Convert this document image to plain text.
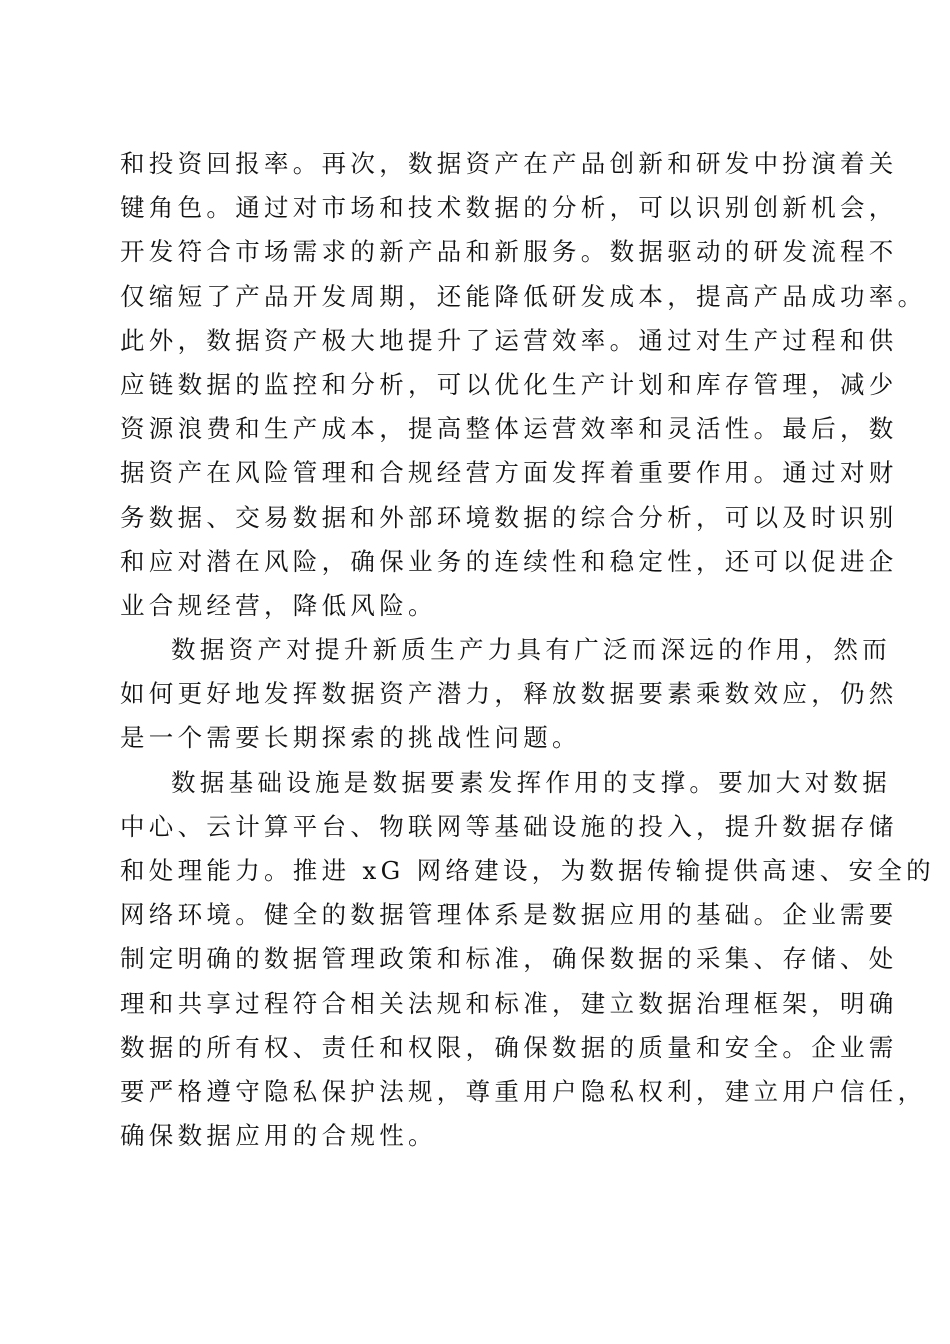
和投资回报率。再次，数据资产在产品创新和研发中扮演着关
键角色。通过对市场和技术数据的分析，可以识别创新机会，
开发符合市场需求的新产品和新服务。数据驱动的研发流程不
仅缩短了产品开发周期，还能降低研发成本，提高产品成功率。
此外，数据资产极大地提升了运营效率。通过对生产过程和供
应链数据的监控和分析，可以优化生产计划和库存管理，减少
资源浪费和生产成本，提高整体运营效率和灵活性。最后，数
据资产在风险管理和合规经营方面发挥着重要作用。通过对财
务数据、交易数据和外部环境数据的综合分析，可以及时识别
和应对潜在风险，确保业务的连续性和稳定性，还可以促进企
业合规经营，降低风险。
数据资产对提升新质生产力具有广泛而深远的作用，然而
如何更好地发挥数据资产潜力，释放数据要素乘数效应，仍然
是一个需要长期探索的挑战性问题。
数据基础设施是数据要素发挥作用的支撑。要加大对数据
中心、云计算平台、物联网等基础设施的投入，提升数据存储
和处理能力。推进 xG 网络建设，为数据传输提供高速、安全的
网络环境。健全的数据管理体系是数据应用的基础。企业需要
制定明确的数据管理政策和标准，确保数据的采集、存储、处
理和共享过程符合相关法规和标准，建立数据治理框架，明确
数据的所有权、责任和权限，确保数据的质量和安全。企业需
要严格遵守隐私保护法规，尊重用户隐私权利，建立用户信任，
确保数据应用的合规性。
